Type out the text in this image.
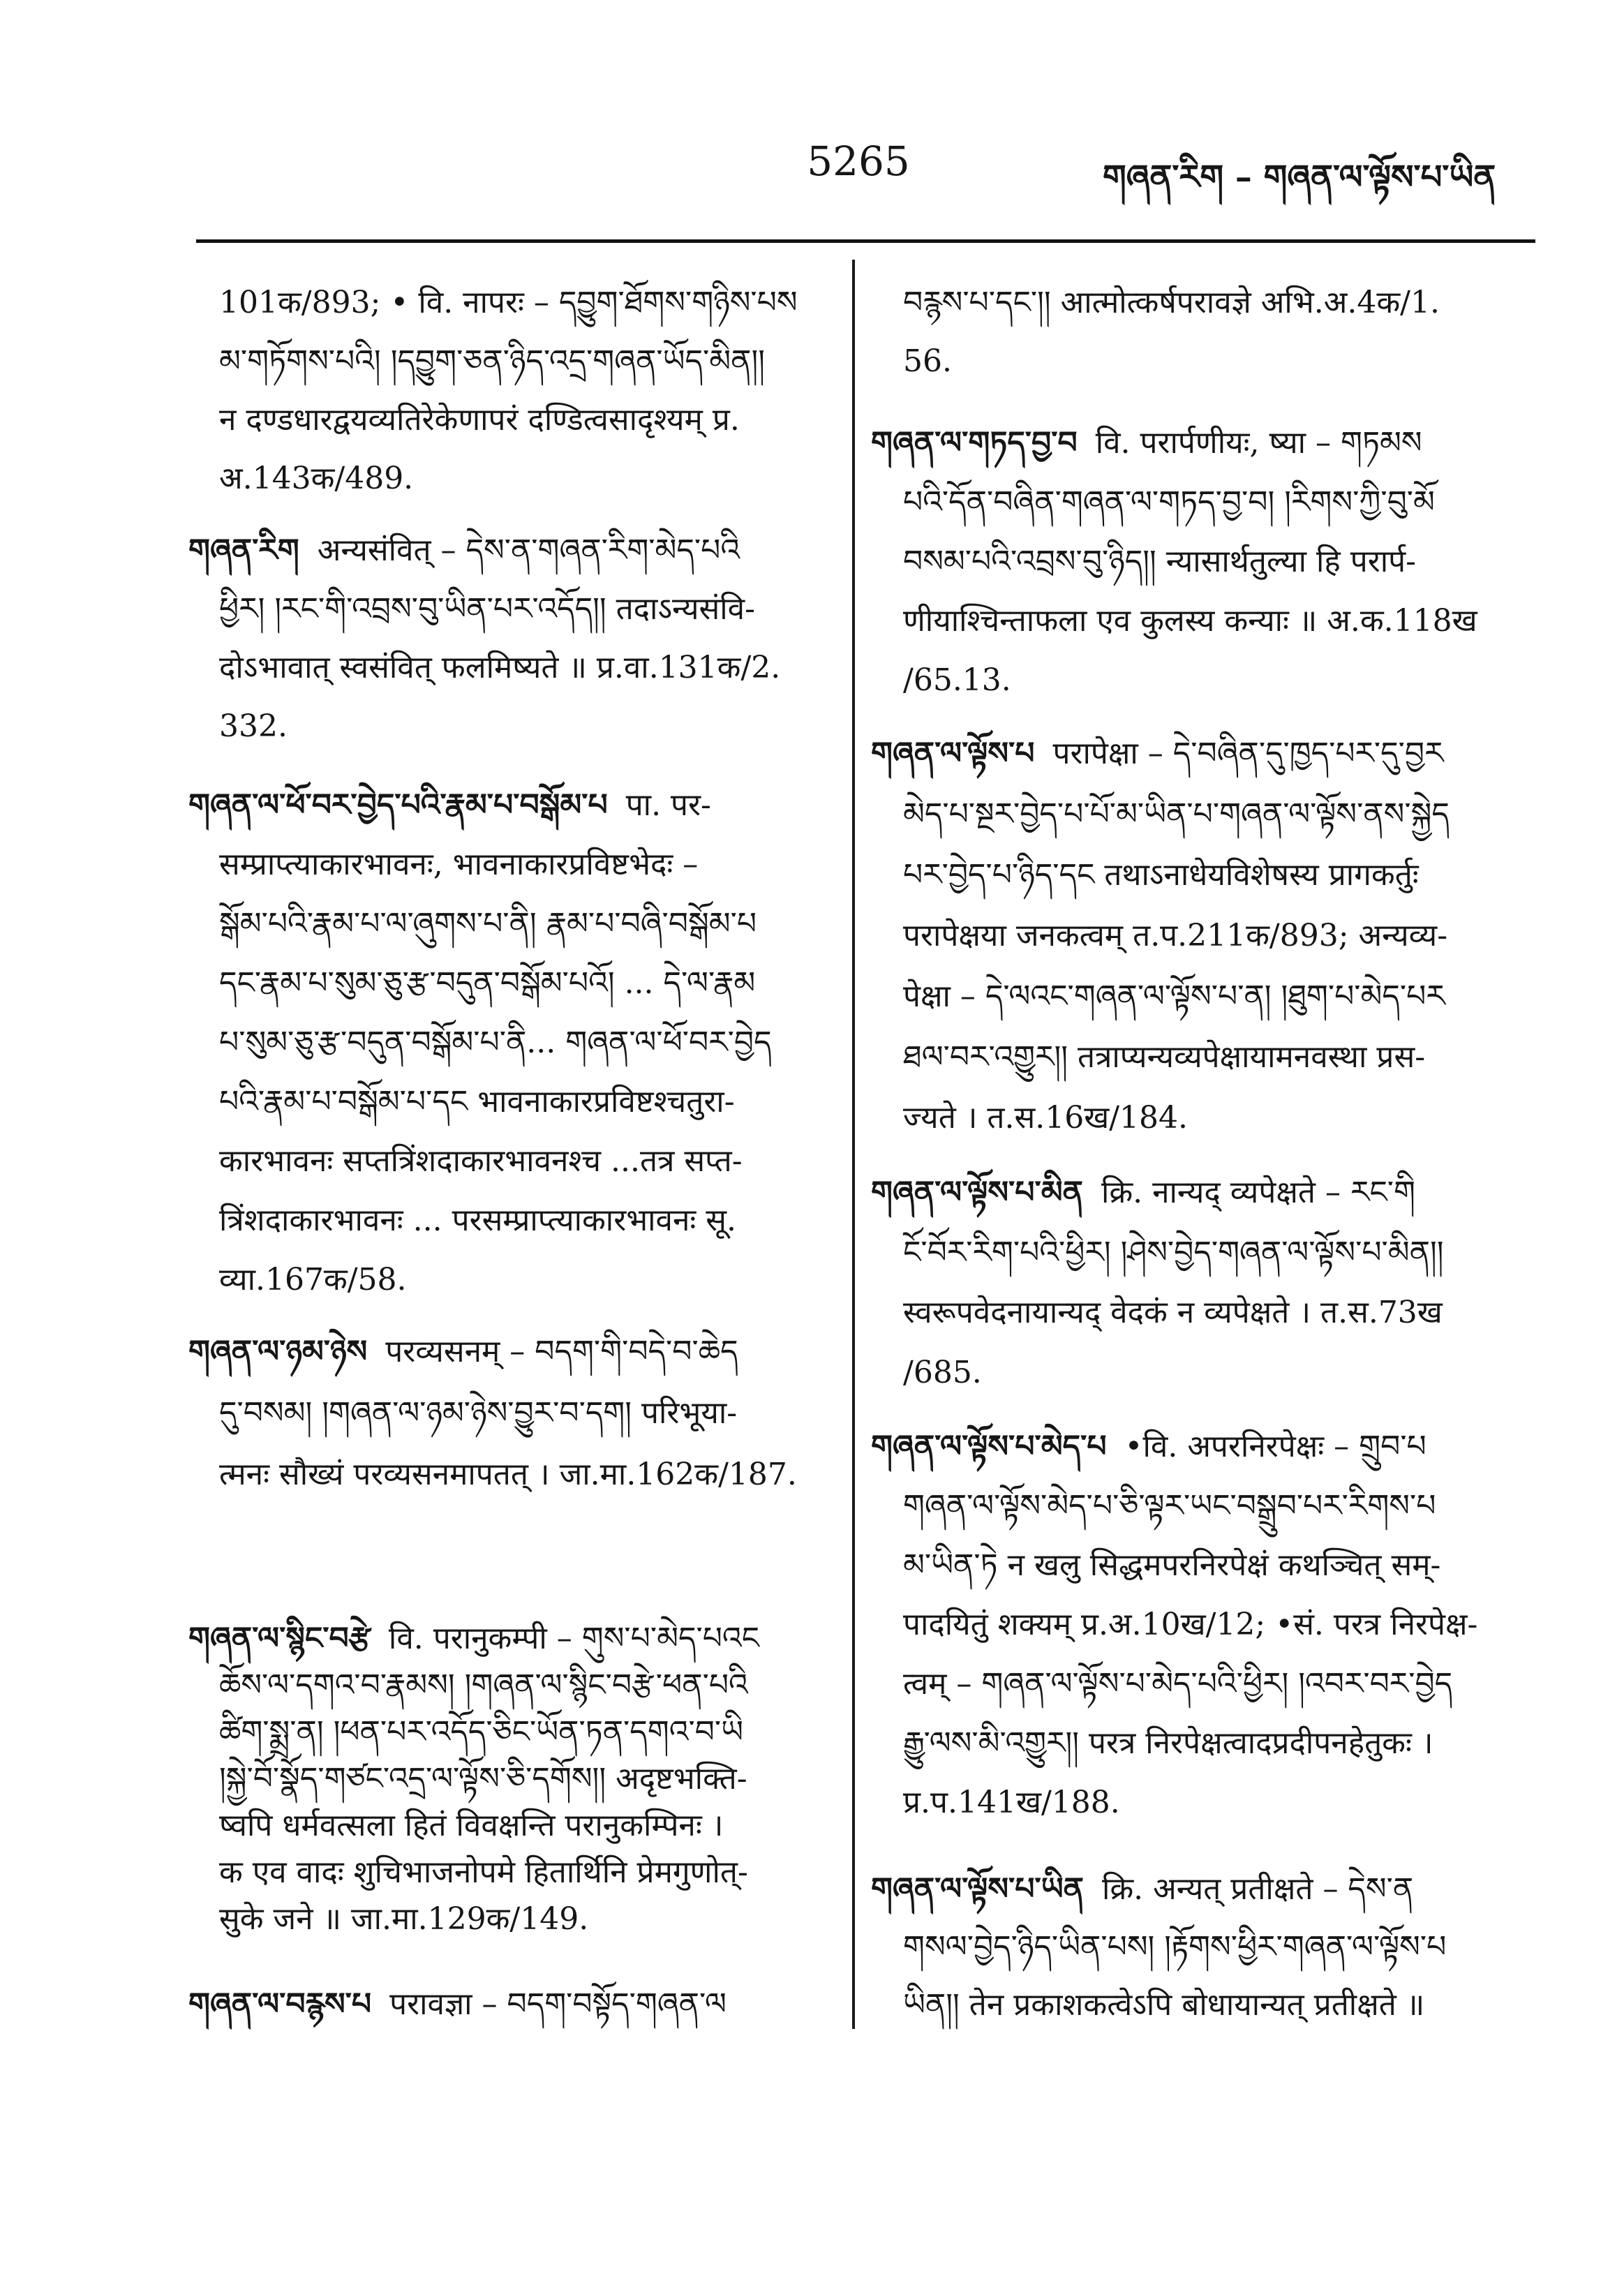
5265	གཞན་རིག – གཞན་ལ་ལྟོས་པ་ཡིན
101क/893; • वि. नापरः – དབྱུག་ཐོགས་གཉིས་པས
མ་གཏོགས་པའི། །དབྱུག་ཅན་ཉིད་འདྲ་གཞན་ཡོད་མིན།།
न दण्डधारद्वयव्यतिरेकेणापरं दण्डित्वसादृश्यम् प्र.
अ.143क/489.
གཞན་རིག अन्यसंवित् – དེས་ན་གཞན་རིག་མེད་པའི
ཕྱིར། །རང་གི་འབྲས་བུ་ཡིན་པར་འདོད།། तदाऽन्यसंवि-
दोऽभावात् स्वसंवित् फलमिष्यते ॥ प्र.वा.131क/2.
332.
གཞན་ལ་ཕོ་བར་བྱེད་པའི་རྣམ་པ་བསྒོམ་པ पा. पर-
सम्प्राप्त्याकारभावनः, भावनाकारप्रविष्टभेदः –
སྒོམ་པའི་རྣམ་པ་ལ་ཞུགས་པ་ནི། རྣམ་པ་བཞི་བསྒོམ་པ
དང་རྣམ་པ་སུམ་ཅུ་རྩ་བདུན་བསྒོམ་པའོ། ... དེ་ལ་རྣམ
པ་སུམ་ཅུ་རྩ་བདུན་བསྒོམ་པ་ནི... གཞན་ལ་ཕོ་བར་བྱེད
པའི་རྣམ་པ་བསྒོམ་པ་དང भावनाकारप्रविष्टश्चतुरा-
कारभावनः सप्तत्रिंशदाकारभावनश्च ...तत्र सप्त-
त्रिंशदाकारभावनः ... परसम्प्राप्त्याकारभावनः सू.
व्या.167क/58.
གཞན་ལ་ཉམ་ཉེས परव्यसनम् – བདག་གི་བདེ་བ་ཆེད
དུ་བསམ། །གཞན་ལ་ཉམ་ཉེས་བྱུར་བ་དག། परिभूया-
त्मनः सौख्यं परव्यसनमापतत् । जा.मा.162क/187.
གཞན་ལ་སྙིང་བརྩེ वि. परानुकम्पी – གུས་པ་མེད་པའང
ཆོས་ལ་དགའ་བ་རྣམས། །གཞན་ལ་སྙིང་བརྩེ་ཕན་པའི
ཚིག་སྨྲ་ན། །ཕན་པར་འདོད་ཅིང་ཡོན་ཏན་དགའ་བ་ཡི
།སྐྱེ་བོ་སྣོད་གཙང་འདྲ་ལ་ལྟོས་ཅི་དགོས།། अदृष्टभक्ति-
ष्वपि धर्मवत्सला हितं विवक्षन्ति परानुकम्पिनः ।
क एव वादः शुचिभाजनोपमे हितार्थिनि प्रेमगुणोत्-
सुके जने ॥ जा.मा.129क/149.
གཞན་ལ་བརྙས་པ परावज्ञा – བདག་བསྟོད་གཞན་ལ
བརྙས་པ་དང་།། आत्मोत्कर्षपरावज्ञे अभि.अ.4क/1.
56.
གཞན་ལ་གཏད་བྱ་བ वि. परार्पणीयः, ष्या – གཏམས
པའི་དོན་བཞིན་གཞན་ལ་གཏད་བྱ་བ། །རིགས་ཀྱི་བུ་མོ
བསམ་པའི་འབྲས་བུ་ཉིད།། न्यासार्थतुल्या हि परार्प-
णीयाश्चिन्ताफला एव कुलस्य कन्याः ॥ अ.क.118ख
/65.13.
གཞན་ལ་ལྟོས་པ परापेक्षा – དེ་བཞིན་དུ་ཁྱད་པར་དུ་བྱར
མེད་པ་སྔར་བྱེད་པ་པོ་མ་ཡིན་པ་གཞན་ལ་ལྟོས་ནས་སྐྱེད
པར་བྱེད་པ་ཉིད་དང तथाऽनाधेयविशेषस्य प्रागकर्तुः
परापेक्षया जनकत्वम् त.प.211क/893; अन्यव्य-
पेक्षा – དེ་ལའང་གཞན་ལ་ལྟོས་པ་ན། །ཐུག་པ་མེད་པར
ཐལ་བར་འགྱུར།། तत्राप्यन्यव्यपेक्षायामनवस्था प्रस-
ज्यते । त.स.16ख/184.
གཞན་ལ་ལྟོས་པ་མིན क्रि. नान्यद् व्यपेक्षते – རང་གི
ངོ་བོར་རིག་པའི་ཕྱིར། །ཤེས་བྱེད་གཞན་ལ་ལྟོས་པ་མིན།།
स्वरूपवेदनायान्यद् वेदकं न व्यपेक्षते । त.स.73ख
/685.
གཞན་ལ་ལྟོས་པ་མེད་པ •वि. अपरनिरपेक्षः – གྲུབ་པ
གཞན་ལ་ལྟོས་མེད་པ་ཅི་ལྟར་ཡང་བསྒྲུབ་པར་རིགས་པ
མ་ཡིན་ཏེ न खलु सिद्धमपरनिरपेक्षं कथञ्चित् सम्-
पादयितुं शक्यम् प्र.अ.10ख/12; •सं. परत्र निरपेक्ष-
त्वम् – གཞན་ལ་ལྟོས་པ་མེད་པའི་ཕྱིར། །འབར་བར་བྱེད
རྒྱུ་ལས་མི་འགྱུར།། परत्र निरपेक्षत्वादप्रदीपनहेतुकः ।
प्र.प.141ख/188.
གཞན་ལ་ལྟོས་པ་ཡིན क्रि. अन्यत् प्रतीक्षते – དེས་ན
གསལ་བྱེད་ཉིད་ཡིན་པས། །རྟོགས་ཕྱིར་གཞན་ལ་ལྟོས་པ
ཡིན།། तेन प्रकाशकत्वेऽपि बोधायान्यत् प्रतीक्षते ॥
